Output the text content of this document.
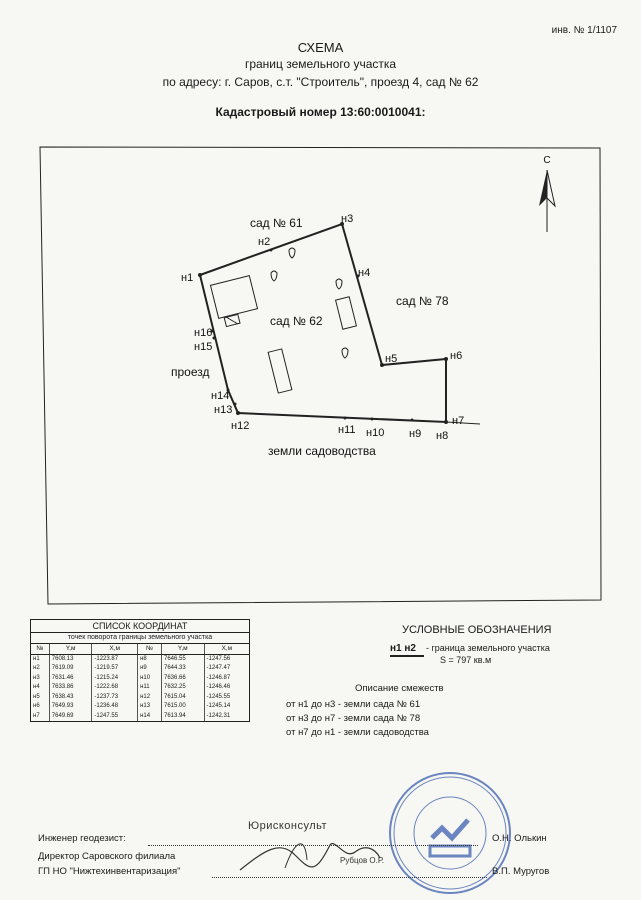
инв. № 1/1107
СХЕМА
границ земельного участка
по адресу: г. Саров, с.т. "Строитель", проезд 4, сад № 62
Кадастровый номер 13:60:0010041:
С
н1
н2
н3
н4
н5	н6
н7
н8
н9
н10
н11
н12
н13
н14
н15
н16
сад № 61
сад № 62
сад № 78
проезд
земли садоводства
СПИСОК КООРДИНАТ
точек поворота границы земельного участка
№	Y,м	X,м	№	Y,м	X,м
н1	7608.13	-1223.87	н8	7646.55	-1247.56
н2	7619.09	-1219.57	н9	7644.33	-1247.47
н3	7631.46	-1215.24	н10	7636.66	-1246.87
н4	7633.86	-1222.68	н11	7632.25	-1246.46
н5	7638.43	-1237.73	н12	7615.04	-1245.55
н6	7649.93	-1236.48	н13	7615.00	-1245.14
н7	7649.69	-1247.55	н14	7613.94	-1242.31
УСЛОВНЫЕ ОБОЗНАЧЕНИЯ
н1 н2	- граница земельного участка
S = 797 кв.м
Описание смежеств
от н1 до н3 - земли сада № 61
от н3 до н7 - земли сада № 78
от н7 до н1 - земли садоводства
Инженер геодезист:	О.Н. Олькин
Директор Саровского филиала
ГП НО "Нижтехинвентаризация"	В.П. Муругов
Юрисконсульт
Рубцов О.Р.
